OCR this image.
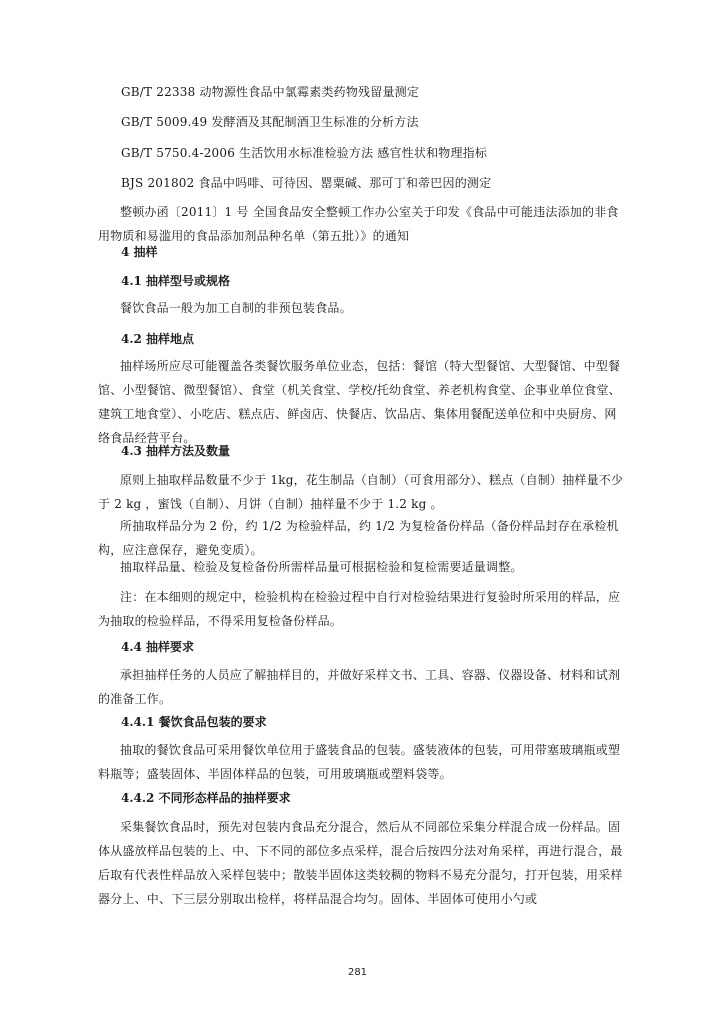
GB/T 22338 动物源性食品中氯霉素类药物残留量测定
GB/T 5009.49 发酵酒及其配制酒卫生标准的分析方法
GB/T 5750.4-2006 生活饮用水标准检验方法 感官性状和物理指标
BJS 201802 食品中吗啡、可待因、罂粟碱、那可丁和蒂巴因的测定
整顿办函〔2011〕1 号 全国食品安全整顿工作办公室关于印发《食品中可能违法添加的非食用物质和易滥用的食品添加剂品种名单（第五批）》的通知
4 抽样
4.1 抽样型号或规格
餐饮食品一般为加工自制的非预包装食品。
4.2 抽样地点
抽样场所应尽可能覆盖各类餐饮服务单位业态，包括：餐馆（特大型餐馆、大型餐馆、中型餐馆、小型餐馆、微型餐馆）、食堂（机关食堂、学校/托幼食堂、养老机构食堂、企事业单位食堂、建筑工地食堂）、小吃店、糕点店、鲜卤店、快餐店、饮品店、集体用餐配送单位和中央厨房、网络食品经营平台。
4.3 抽样方法及数量
原则上抽取样品数量不少于 1kg，花生制品（自制）（可食用部分）、糕点（自制）抽样量不少于 2 kg ，蜜饯（自制）、月饼（自制）抽样量不少于 1.2 kg 。
所抽取样品分为 2 份，约 1/2 为检验样品，约 1/2 为复检备份样品（备份样品封存在承检机构，应注意保存，避免变质）。
抽取样品量、检验及复检备份所需样品量可根据检验和复检需要适量调整。
注：在本细则的规定中，检验机构在检验过程中自行对检验结果进行复验时所采用的样品，应为抽取的检验样品，不得采用复检备份样品。
4.4 抽样要求
承担抽样任务的人员应了解抽样目的，并做好采样文书、工具、容器、仪器设备、材料和试剂的准备工作。
4.4.1 餐饮食品包装的要求
抽取的餐饮食品可采用餐饮单位用于盛装食品的包装。盛装液体的包装，可用带塞玻璃瓶或塑料瓶等；盛装固体、半固体样品的包装，可用玻璃瓶或塑料袋等。
4.4.2 不同形态样品的抽样要求
采集餐饮食品时，预先对包装内食品充分混合，然后从不同部位采集分样混合成一份样品。固体从盛放样品包装的上、中、下不同的部位多点采样，混合后按四分法对角采样，再进行混合，最后取有代表性样品放入采样包装中；散装半固体这类较稠的物料不易充分混匀，打开包装，用采样器分上、中、下三层分别取出检样，将样品混合均匀。固体、半固体可使用小勺或
281
